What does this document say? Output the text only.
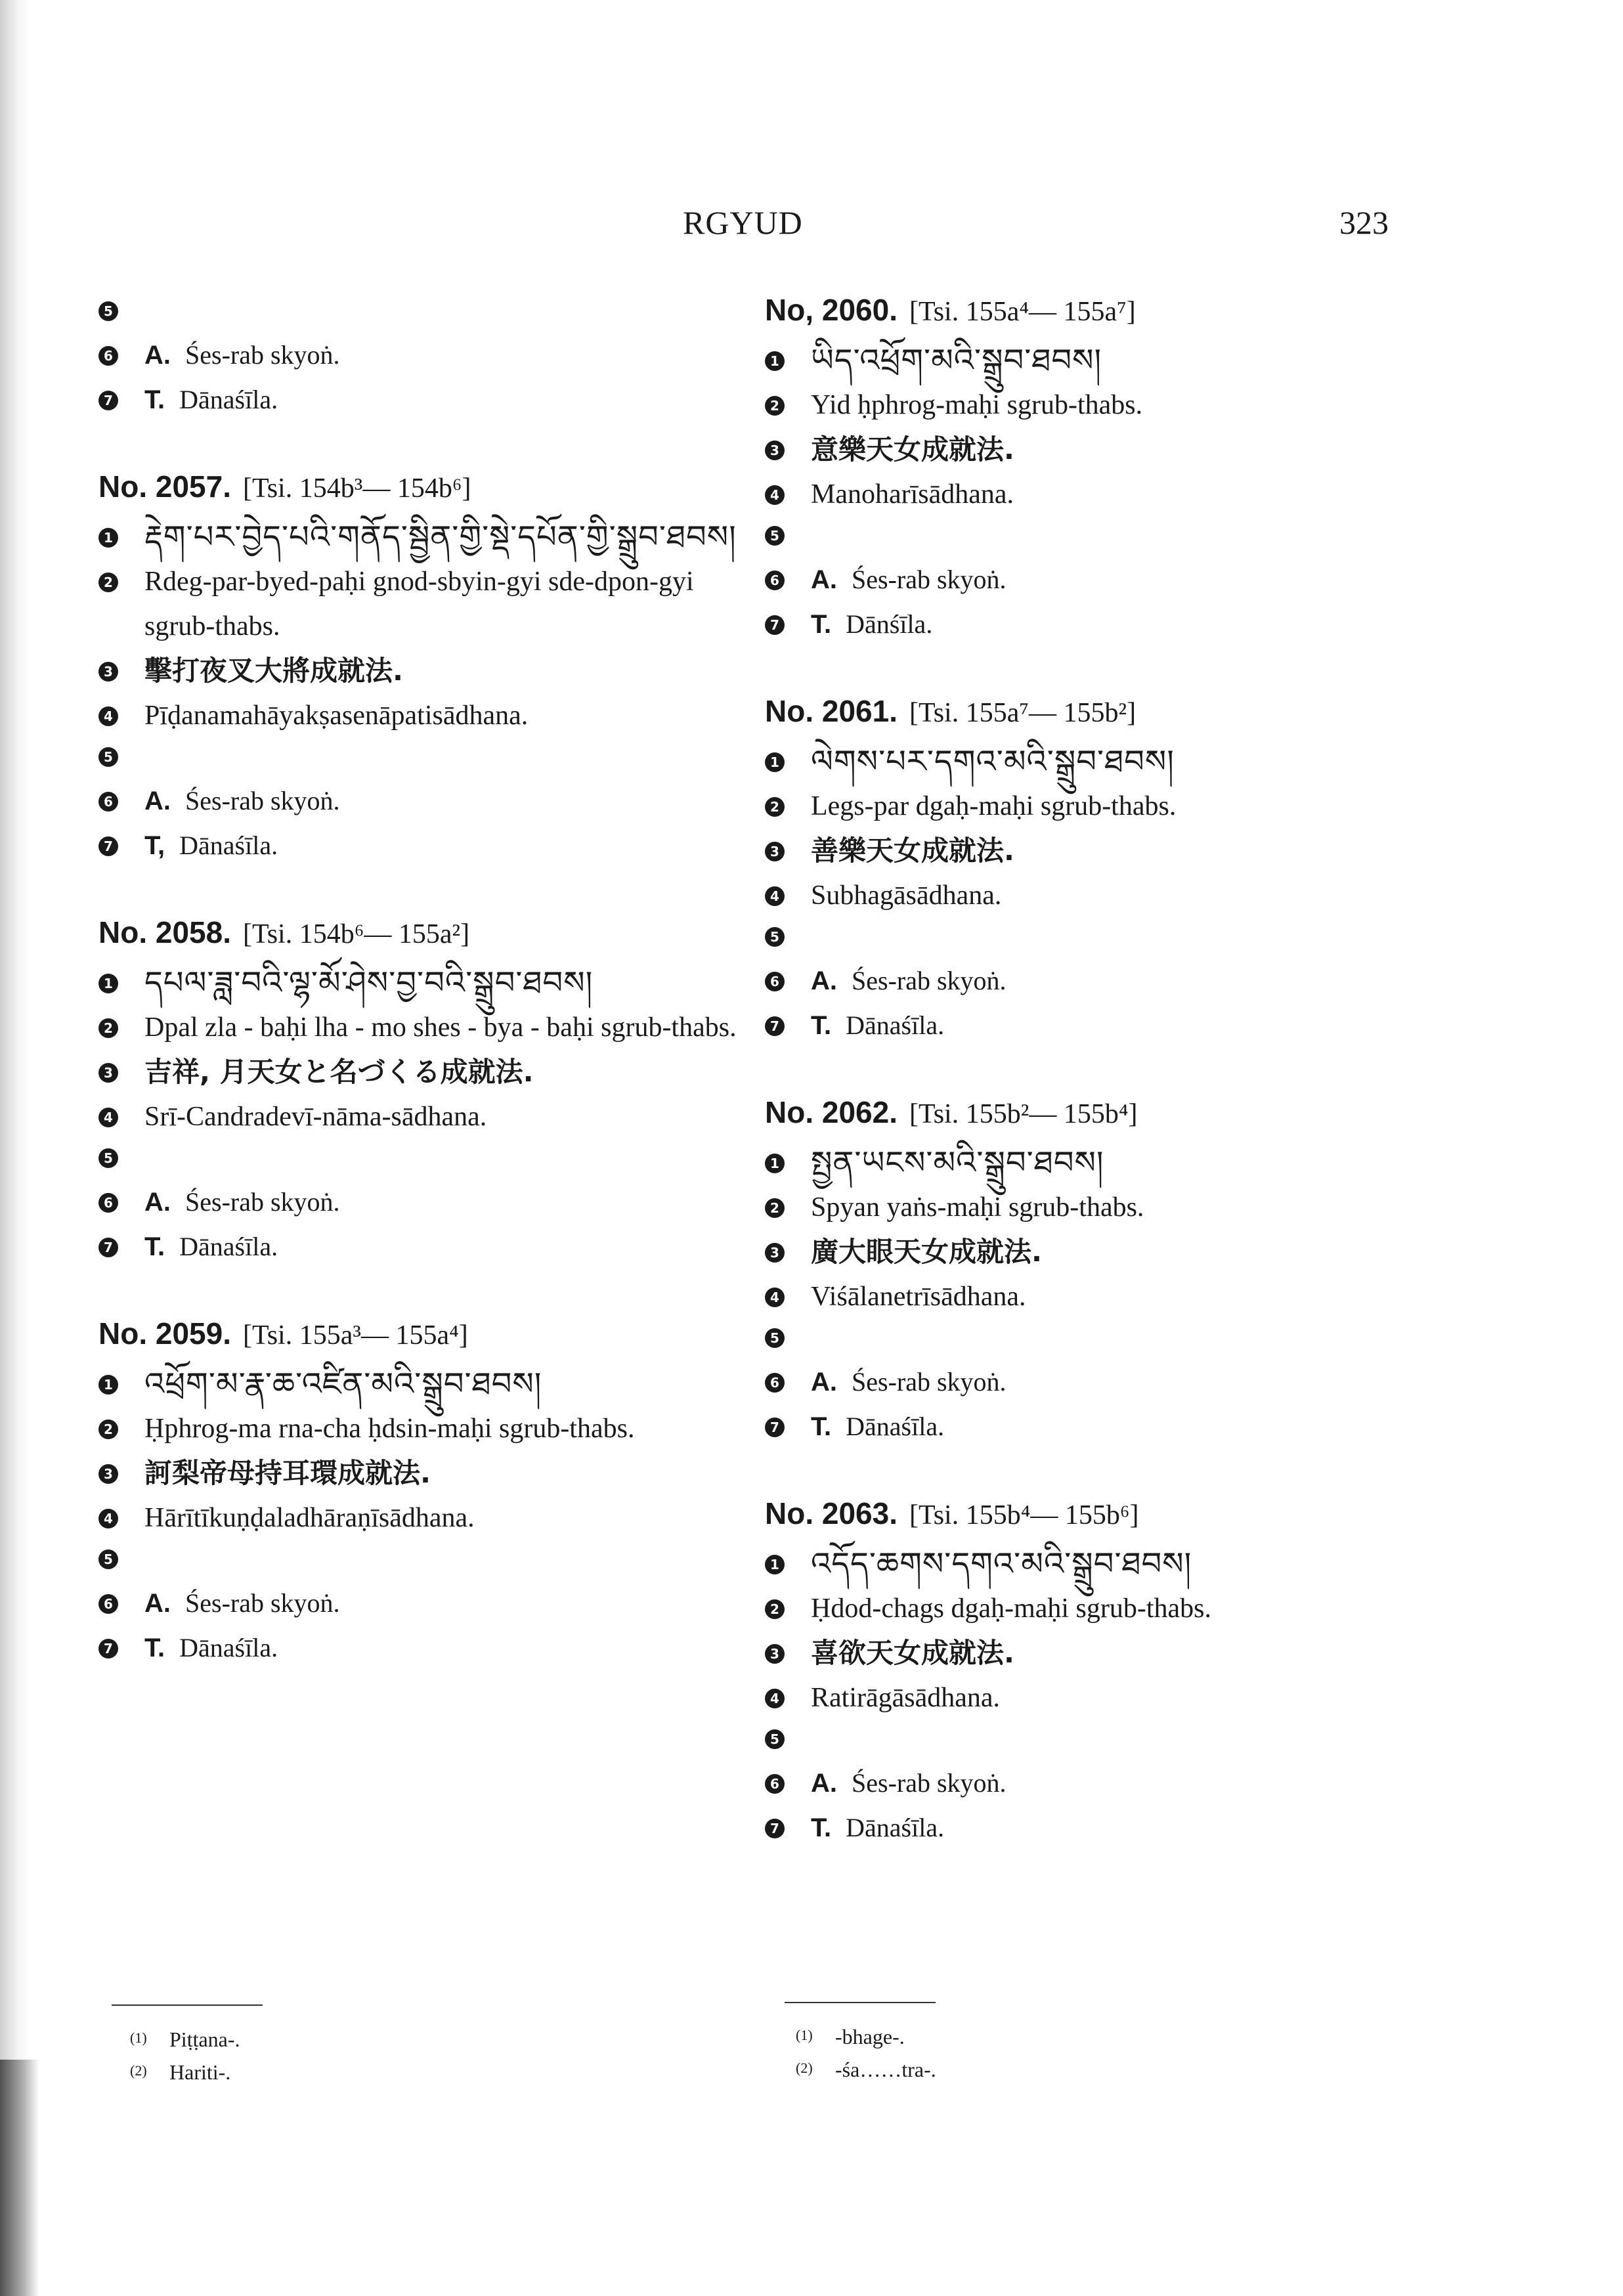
RGYUD	323
5
6 A. Śes-rab skyoṅ.
7 T. Dānaśīla.
No. 2057. [Tsi. 154b³— 154b⁶]
1 རྡེག་པར་བྱེད་པའི་གནོད་སྦྱིན་གྱི་སྡེ་དཔོན་གྱི་སྒྲུབ་ཐབས།
2 Rdeg-par-byed-paḥi gnod-sbyin-gyi sde-dpon-gyi sgrub-thabs.
3 擊打夜叉大將成就法.
4 Pīḍanamahāyakṣasenāpatisādhana.
5
6 A. Śes-rab skyoṅ.
7 T, Dānaśīla.
No. 2058. [Tsi. 154b⁶— 155a²]
1 དཔལ་ཟླ་བའི་ལྷ་མོ་ཤེས་བྱ་བའི་སྒྲུབ་ཐབས།
2 Dpal zla - baḥi lha - mo shes - bya - baḥi sgrub-thabs.
3 吉祥, 月天女と名づくる成就法.
4 Srī-Candradevī-nāma-sādhana.
5
6 A. Śes-rab skyoṅ.
7 T. Dānaśīla.
No. 2059. [Tsi. 155a³— 155a⁴]
1 འཕྲོག་མ་རྣ་ཆ་འཛིན་མའི་སྒྲུབ་ཐབས།
2 Ḥphrog-ma rna-cha ḥdsin-maḥi sgrub-thabs.
3 訶梨帝母持耳環成就法.
4 Hārītīkuṇḍaladhāraṇīsādhana.
5
6 A. Śes-rab skyoṅ.
7 T. Dānaśīla.
No, 2060. [Tsi. 155a⁴— 155a⁷]
1 ཡིད་འཕྲོག་མའི་སྒྲུབ་ཐབས།
2 Yid ḥphrog-maḥi sgrub-thabs.
3 意樂天女成就法.
4 Manoharīsādhana.
5
6 A. Śes-rab skyoṅ.
7 T. Dānśīla.
No. 2061. [Tsi. 155a⁷— 155b²]
1 ལེགས་པར་དགའ་མའི་སྒྲུབ་ཐབས།
2 Legs-par dgaḥ-maḥi sgrub-thabs.
3 善樂天女成就法.
4 Subhagāsādhana.
5
6 A. Śes-rab skyoṅ.
7 T. Dānaśīla.
No. 2062. [Tsi. 155b²— 155b⁴]
1 སྤྱན་ཡངས་མའི་སྒྲུབ་ཐབས།
2 Spyan yaṅs-maḥi sgrub-thabs.
3 廣大眼天女成就法.
4 Viśālanetrīsādhana.
5
6 A. Śes-rab skyoṅ.
7 T. Dānaśīla.
No. 2063. [Tsi. 155b⁴— 155b⁶]
1 འདོད་ཆགས་དགའ་མའི་སྒྲུབ་ཐབས།
2 Ḥdod-chags dgaḥ-maḥi sgrub-thabs.
3 喜欲天女成就法.
4 Ratirāgāsādhana.
5
6 A. Śes-rab skyoṅ.
7 T. Dānaśīla.
(1) Piṭṭana-.
(2) Hariti-.
(1) -bhage-.
(2) -śa……tra-.
